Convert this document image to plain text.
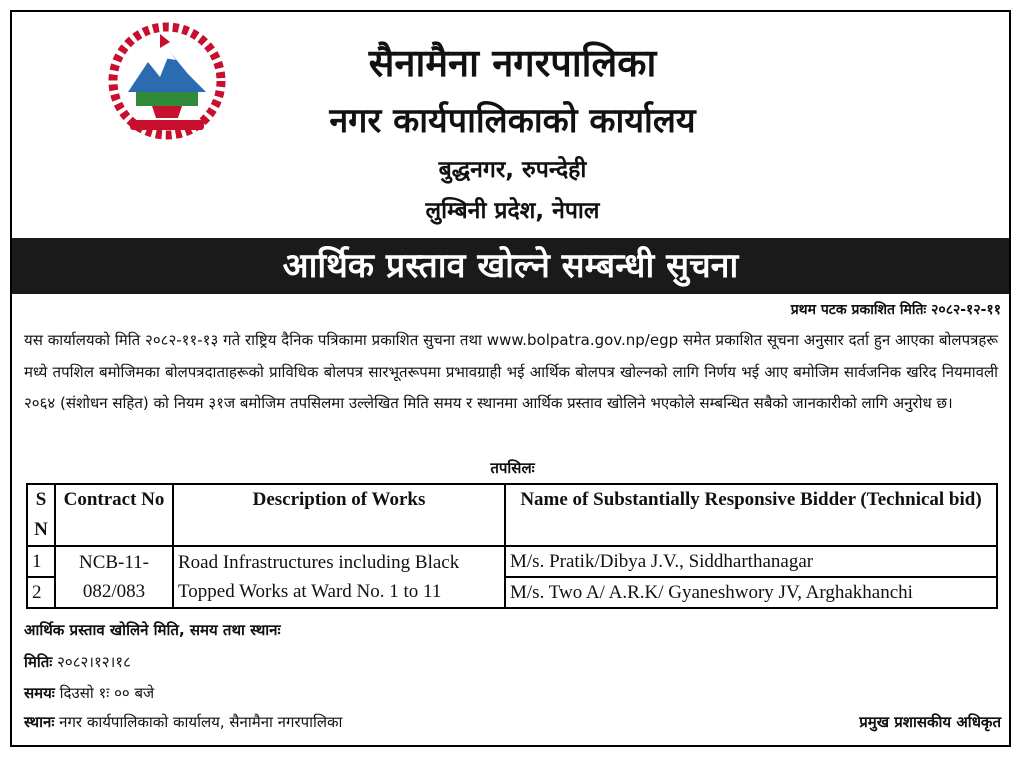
सैनामैना नगरपालिका
नगर कार्यपालिकाको कार्यालय
बुद्धनगर, रुपन्देही
लुम्बिनी प्रदेश, नेपाल
आर्थिक प्रस्ताव खोल्ने सम्बन्धी सुचना
प्रथम पटक प्रकाशित मितिः २०८२-१२-११
यस कार्यालयको मिति २०८२-११-१३ गते राष्ट्रिय दैनिक पत्रिकामा प्रकाशित सुचना तथा www.bolpatra.gov.np/egp समेत प्रकाशित सूचना अनुसार दर्ता हुन आएका बोलपत्रहरू मध्ये तपशिल बमोजिमका बोलपत्रदाताहरूको प्राविधिक बोलपत्र सारभूतरूपमा प्रभावग्राही भई आर्थिक बोलपत्र खोल्नको लागि निर्णय भई आए बमोजिम सार्वजनिक खरिद नियमावली २०६४ (संशोधन सहित) को नियम ३१ज बमोजिम तपसिलमा उल्लेखित मिति समय र स्थानमा आर्थिक प्रस्ताव खोलिने भएकोले सम्बन्धित सबैको जानकारीको लागि अनुरोध छ।
तपसिलः
S N	Contract No	Description of Works	Name of Substantially Responsive Bidder (Technical bid)
1	NCB-11-082/083	Road Infrastructures including Black Topped Works at Ward No. 1 to 11	M/s. Pratik/Dibya J.V., Siddharthanagar
2			M/s. Two A/ A.R.K/ Gyaneshwory JV, Arghakhanchi
आर्थिक प्रस्ताव खोलिने मिति, समय तथा स्थानः
मितिः २०८२।१२।१८
समयः दिउसो १ः ०० बजे
स्थानः नगर कार्यपालिकाको कार्यालय, सैनामैना नगरपालिका	प्रमुख प्रशासकीय अधिकृत
